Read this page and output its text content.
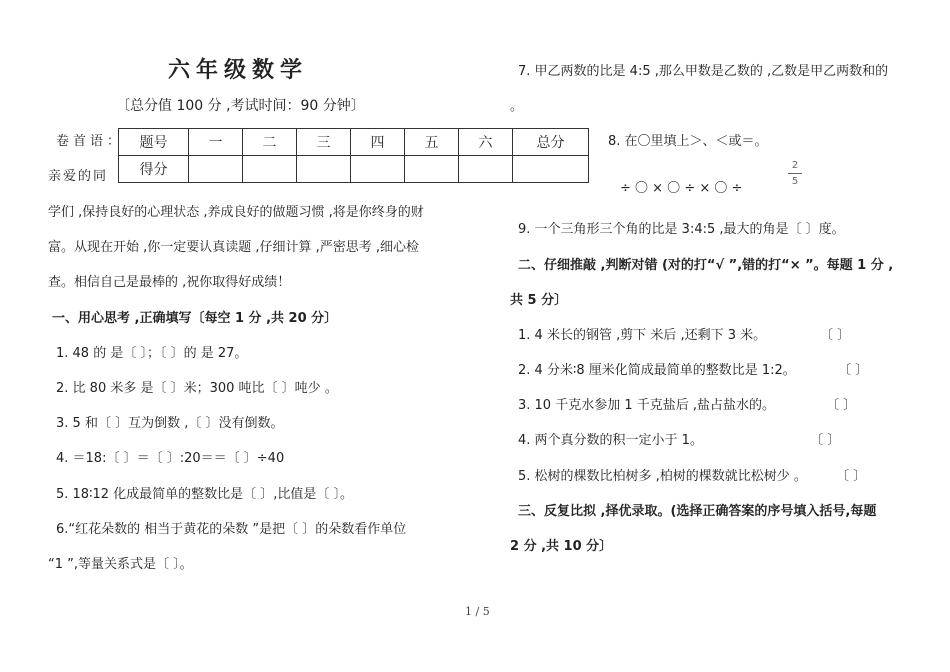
六年级数学
〔总分值 100 分 ,考试时间：90 分钟〕
卷首语：
亲爱的同
题号	一	二	三	四	五	六	总分
得分							
学们 ,保持良好的心理状态 ,养成良好的做题习惯 ,将是你终身的财
富。从现在开始 ,你一定要认真读题 ,仔细计算 ,严密思考 ,细心检
查。相信自己是最棒的 ,祝你取得好成绩！
一、用心思考 ,正确填写〔每空 1 分 ,共 20 分〕
1. 48 的 是〔 〕；〔 〕的 是 27。
2. 比 80 米多 是〔 〕米；300 吨比〔 〕吨少 。
3. 5 和〔 〕互为倒数 ,〔 〕没有倒数。
4. ＝18:〔 〕＝〔 〕:20＝＝〔 〕÷40
5. 18∶12 化成最简单的整数比是〔 〕,比值是〔 〕。
6.“红花朵数的 相当于黄花的朵数 ”是把〔 〕的朵数看作单位
“1 ”,等量关系式是〔 〕。
7. 甲乙两数的比是 4:5 ,那么甲数是乙数的 ,乙数是甲乙两数和的
。
8. 在〇里填上＞、＜或＝。
÷ 〇 × 〇 ÷ × 〇 ÷
2
5
9. 一个三角形三个角的比是 3:4:5 ,最大的角是〔 〕度。
二、仔细推敲 ,判断对错 (对的打“√ ”,错的打“× ”。每题 1 分 ,
共 5 分〕
1. 4 米长的钢管 ,剪下 米后 ,还剩下 3 米。	〔 〕
2. 4 分米∶8 厘米化简成最简单的整数比是 1:2。	〔 〕
3. 10 千克水参加 1 千克盐后 ,盐占盐水的。	〔 〕
4. 两个真分数的积一定小于 1。	〔 〕
5. 松树的棵数比柏树多 ,柏树的棵数就比松树少 。 〔 〕
三、反复比拟 ,择优录取。(选择正确答案的序号填入括号,每题
2 分 ,共 10 分〕
1 / 5
